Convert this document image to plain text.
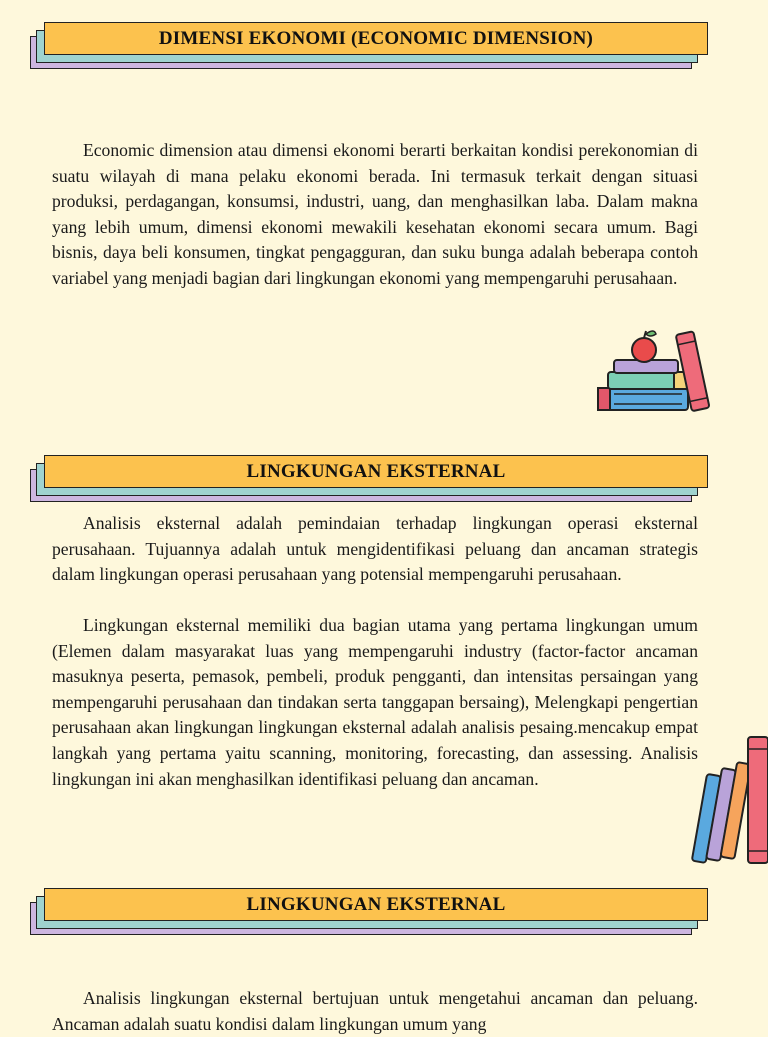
DIMENSI EKONOMI (ECONOMIC DIMENSION)

Economic dimension atau dimensi ekonomi berarti berkaitan kondisi perekonomian di suatu wilayah di mana pelaku ekonomi berada. Ini termasuk terkait dengan situasi produksi, perdagangan, konsumsi, industri, uang, dan menghasilkan laba. Dalam makna yang lebih umum, dimensi ekonomi mewakili kesehatan ekonomi secara umum. Bagi bisnis, daya beli konsumen, tingkat pengagguran, dan suku bunga adalah beberapa contoh variabel yang menjadi bagian dari lingkungan ekonomi yang mempengaruhi perusahaan.

LINGKUNGAN EKSTERNAL

Analisis eksternal adalah pemindaian terhadap lingkungan operasi eksternal perusahaan. Tujuannya adalah untuk mengidentifikasi peluang dan ancaman strategis dalam lingkungan operasi perusahaan yang potensial mempengaruhi perusahaan.

Lingkungan eksternal memiliki dua bagian utama yang pertama lingkungan umum (Elemen dalam masyarakat luas yang mempengaruhi industry (factor-factor ancaman masuknya peserta, pemasok, pembeli, produk pengganti, dan intensitas persaingan yang mempengaruhi perusahaan dan tindakan serta tanggapan bersaing), Melengkapi pengertian perusahaan akan lingkungan lingkungan eksternal adalah analisis pesaing.mencakup empat langkah yang pertama yaitu scanning, monitoring, forecasting, dan assessing. Analisis lingkungan ini akan menghasilkan identifikasi peluang dan ancaman.

LINGKUNGAN EKSTERNAL

Analisis lingkungan eksternal bertujuan untuk mengetahui ancaman dan peluang. Ancaman adalah suatu kondisi dalam lingkungan umum yang
